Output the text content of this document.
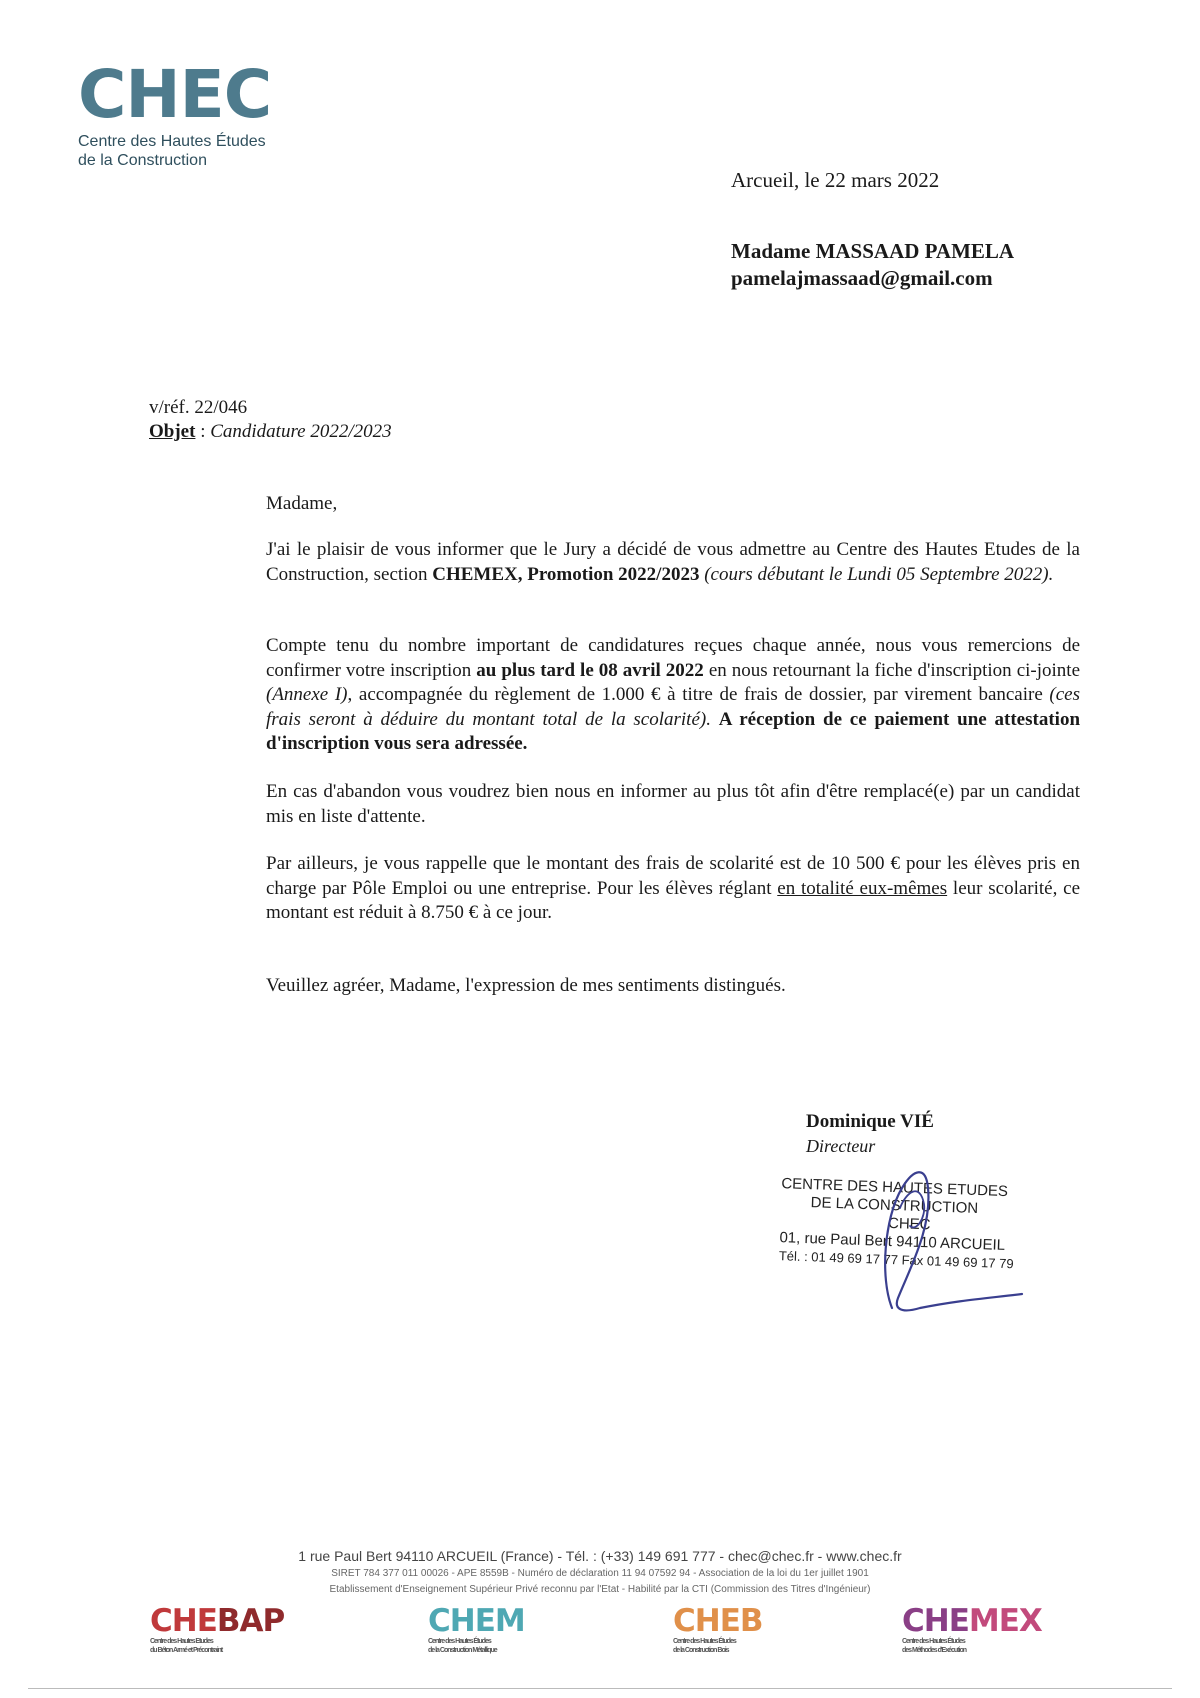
CHEC
Centre des Hautes Études
de la Construction
Arcueil, le 22 mars 2022
Madame MASSAAD PAMELA
pamelajmassaad@gmail.com
v/réf. 22/046
Objet : Candidature 2022/2023
Madame,
J'ai le plaisir de vous informer que le Jury a décidé de vous admettre au Centre des Hautes Etudes de la Construction, section CHEMEX, Promotion 2022/2023 (cours débutant le Lundi 05 Septembre 2022).
Compte tenu du nombre important de candidatures reçues chaque année, nous vous remercions de confirmer votre inscription au plus tard le 08 avril 2022 en nous retournant la fiche d'inscription ci-jointe (Annexe I), accompagnée du règlement de 1.000 € à titre de frais de dossier, par virement bancaire (ces frais seront à déduire du montant total de la scolarité). A réception de ce paiement une attestation d'inscription vous sera adressée.
En cas d'abandon vous voudrez bien nous en informer au plus tôt afin d'être remplacé(e) par un candidat mis en liste d'attente.
Par ailleurs, je vous rappelle que le montant des frais de scolarité est de 10 500 € pour les élèves pris en charge par Pôle Emploi ou une entreprise. Pour les élèves réglant en totalité eux-mêmes leur scolarité, ce montant est réduit à 8.750 € à ce jour.
Veuillez agréer, Madame, l'expression de mes sentiments distingués.
Dominique VIÉ
Directeur
CENTRE DES HAUTES ETUDES
DE LA CONSTRUCTION
CHEC
01, rue Paul Bert 94110 ARCUEIL
Tél. : 01 49 69 17 77 Fax 01 49 69 17 79
1 rue Paul Bert 94110 ARCUEIL (France) - Tél. : (+33) 149 691 777 - chec@chec.fr - www.chec.fr
SIRET 784 377 011 00026 - APE 8559B - Numéro de déclaration 11 94 07592 94 - Association de la loi du 1er juillet 1901
Etablissement d'Enseignement Supérieur Privé reconnu par l'Etat - Habilité par la CTI (Commission des Titres d'Ingénieur)
CHEBAP
Centre des Hautes Etudes
du Béton Armé et Précontraint
CHEM
Centre des Hautes Études
de la Construction Métallique
CHEB
Centre des Hautes Études
de la Construction Bois
CHEMEX
Centre des Hautes Études
des Méthodes d'Exécution
